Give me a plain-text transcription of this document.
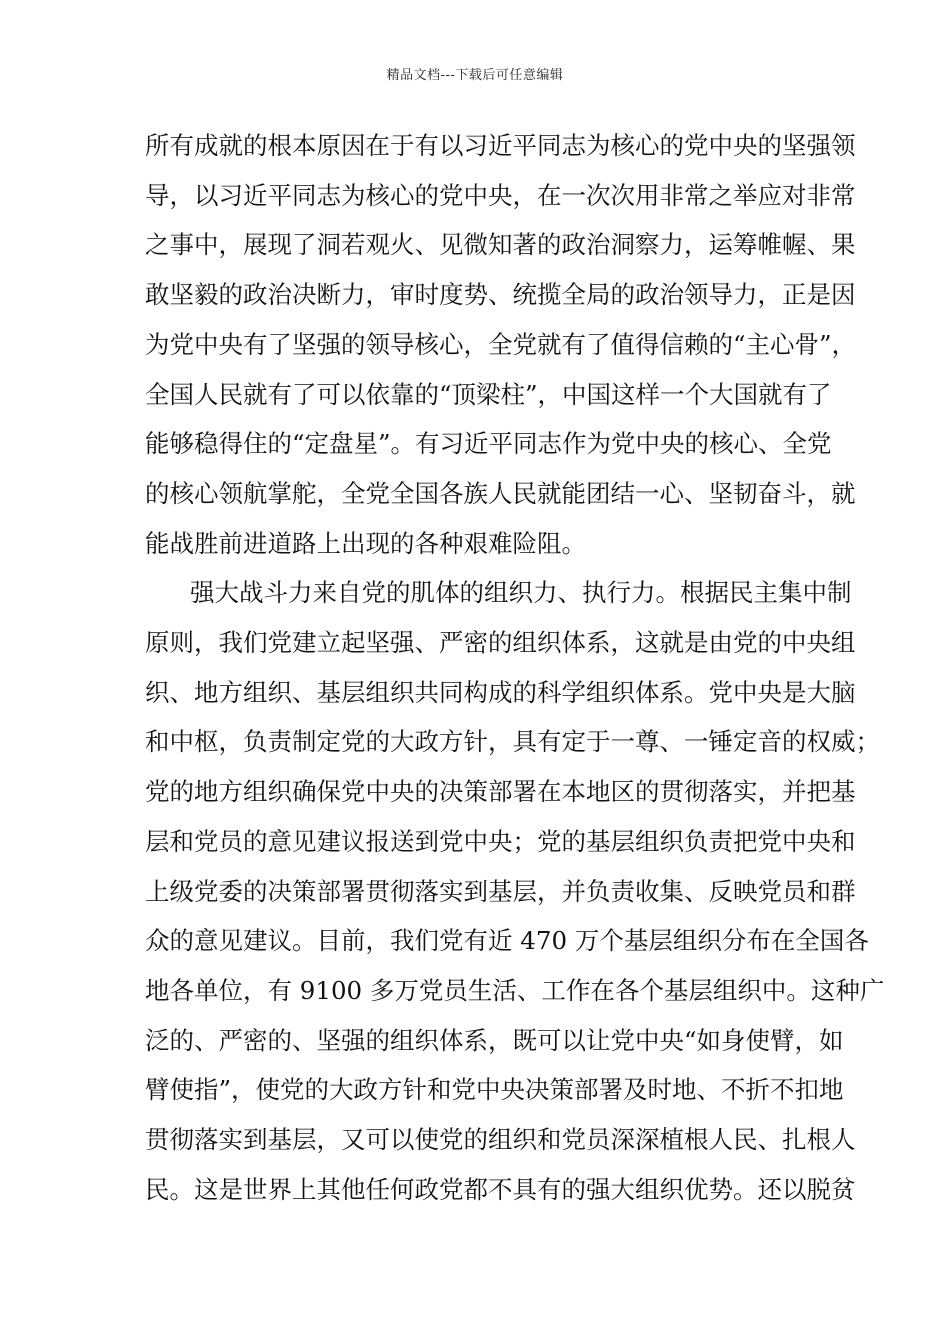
精品文档---下载后可任意编辑
所有成就的根本原因在于有以习近平同志为核心的党中央的坚强领
导，以习近平同志为核心的党中央，在一次次用非常之举应对非常
之事中，展现了洞若观火、见微知著的政治洞察力，运筹帷幄、果
敢坚毅的政治决断力，审时度势、统揽全局的政治领导力，正是因
为党中央有了坚强的领导核心，全党就有了值得信赖的“主心骨”，
全国人民就有了可以依靠的“顶梁柱”，中国这样一个大国就有了
能够稳得住的“定盘星”。有习近平同志作为党中央的核心、全党
的核心领航掌舵，全党全国各族人民就能团结一心、坚韧奋斗，就
能战胜前进道路上出现的各种艰难险阻。
强大战斗力来自党的肌体的组织力、执行力。根据民主集中制
原则，我们党建立起坚强、严密的组织体系，这就是由党的中央组
织、地方组织、基层组织共同构成的科学组织体系。党中央是大脑
和中枢，负责制定党的大政方针，具有定于一尊、一锤定音的权威；
党的地方组织确保党中央的决策部署在本地区的贯彻落实，并把基
层和党员的意见建议报送到党中央；党的基层组织负责把党中央和
上级党委的决策部署贯彻落实到基层，并负责收集、反映党员和群
众的意见建议。目前，我们党有近 470 万个基层组织分布在全国各
地各单位，有 9100 多万党员生活、工作在各个基层组织中。这种广
泛的、严密的、坚强的组织体系，既可以让党中央“如身使臂，如
臂使指”，使党的大政方针和党中央决策部署及时地、不折不扣地
贯彻落实到基层，又可以使党的组织和党员深深植根人民、扎根人
民。这是世界上其他任何政党都不具有的强大组织优势。还以脱贫
